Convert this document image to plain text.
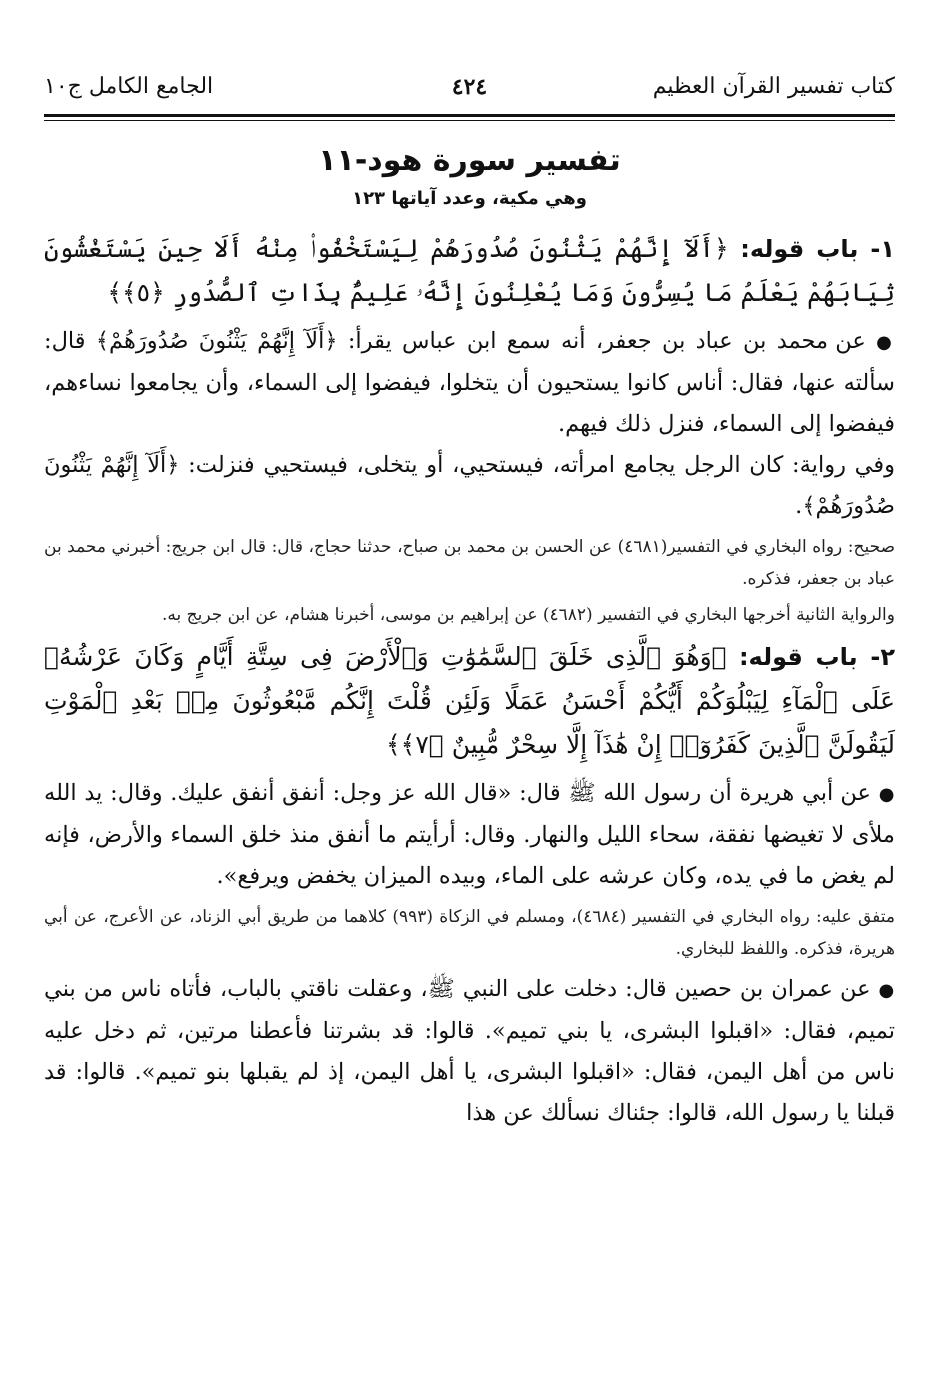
كتاب تفسير القرآن العظيم
٤٢٤
الجامع الكامل ج١٠
تفسير سورة هود-١١
وهي مكية، وعدد آياتها ١٢٣

١- باب قوله: ﴿أَلَآ إِنَّهُمْ يَثْنُونَ صُدُورَهُمْ لِيَسْتَخْفُوا۟ مِنْهُ أَلَا حِينَ يَسْتَغْشُونَ ثِيَابَهُمْ يَعْلَمُ مَا يُسِرُّونَ وَمَا يُعْلِنُونَ إِنَّهُۥ عَلِيمٌۢ بِذَاتِ ٱلصُّدُورِ ﴿٥﴾﴾

● عن محمد بن عباد بن جعفر، أنه سمع ابن عباس يقرأ: ﴿أَلَآ إِنَّهُمْ يَثْنُونَ صُدُورَهُمْ﴾ قال: سألته عنها، فقال: أناس كانوا يستحيون أن يتخلوا، فيفضوا إلى السماء، وأن يجامعوا نساءهم، فيفضوا إلى السماء، فنزل ذلك فيهم.

وفي رواية: كان الرجل يجامع امرأته، فيستحيي، أو يتخلى، فيستحيي فنزلت: ﴿أَلَآ إِنَّهُمْ يَثْنُونَ صُدُورَهُمْ﴾.

صحيح: رواه البخاري في التفسير(٤٦٨١) عن الحسن بن محمد بن صباح، حدثنا حجاج، قال: قال ابن جريج: أخبرني محمد بن عباد بن جعفر، فذكره.

والرواية الثانية أخرجها البخاري في التفسير (٤٦٨٢) عن إبراهيم بن موسى، أخبرنا هشام، عن ابن جريج به.

٢- باب قوله: ﴿وَهُوَ ٱلَّذِى خَلَقَ ٱلسَّمَٰوَٰتِ وَٱلْأَرْضَ فِى سِتَّةِ أَيَّامٍ وَكَانَ عَرْشُهُۥ عَلَى ٱلْمَآءِ لِيَبْلُوَكُمْ أَيُّكُمْ أَحْسَنُ عَمَلًا وَلَئِن قُلْتَ إِنَّكُم مَّبْعُوثُونَ مِنۢ بَعْدِ ٱلْمَوْتِ لَيَقُولَنَّ ٱلَّذِينَ كَفَرُوٓا۟ إِنْ هَٰذَآ إِلَّا سِحْرٌ مُّبِينٌ ﴿٧﴾﴾

● عن أبي هريرة أن رسول الله ﷺ قال: «قال الله عز وجل: أنفق أنفق عليك. وقال: يد الله ملأى لا تغيضها نفقة، سحاء الليل والنهار. وقال: أرأيتم ما أنفق منذ خلق السماء والأرض، فإنه لم يغض ما في يده، وكان عرشه على الماء، وبيده الميزان يخفض ويرفع».

متفق عليه: رواه البخاري في التفسير (٤٦٨٤)، ومسلم في الزكاة (٩٩٣) كلاهما من طريق أبي الزناد، عن الأعرج، عن أبي هريرة، فذكره. واللفظ للبخاري.

● عن عمران بن حصين قال: دخلت على النبي ﷺ، وعقلت ناقتي بالباب، فأتاه ناس من بني تميم، فقال: «اقبلوا البشرى، يا بني تميم». قالوا: قد بشرتنا فأعطنا مرتين، ثم دخل عليه ناس من أهل اليمن، فقال: «اقبلوا البشرى، يا أهل اليمن، إذ لم يقبلها بنو تميم». قالوا: قد قبلنا يا رسول الله، قالوا: جئناك نسألك عن هذا
